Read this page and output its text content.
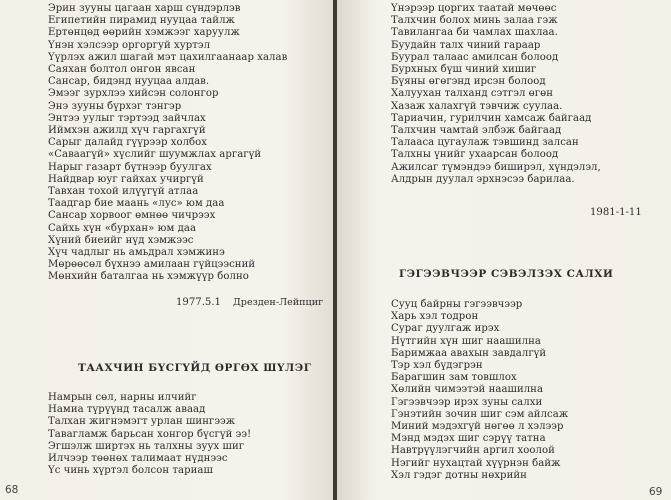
Эрин зууны цагаан харш сүндэрлэв
Египетийн пирамид нууцаа тайлж
Ертөнцөд өөрийн хэмжээг харуулж
Үнэн хэлсээр оргоргуй хуртэл
Үүрлэх ажил шагай мэт цахилгаанаар халав
Саяхан болтол онгон явсан
Сансар, бидэнд нууцаа алдав.
Эмээг зурхлээ хийсэн солонгор
Энэ зууны бүрхэг тэнгэр
Энтээ уулыг тэртээд зайчлах
Иймхэн ажилд хүч гаргахгүй
Сарыг далайд гүүрээр холбох
«Саваагүй» хүслийг шуумжлах аргагүй
Нарыг газарт бүтнээр буулгах
Найдвар юуг гайхах учиргүй
Тавхан тохой илүүгүй атлаа
Таадгар бие маань «лус» юм даа
Сансар хорвоог өмнөө чичрээх
Сайхь хүн «бурхан» юм даа
Хүний биеийг нүд хэмжээс
Хүч чадлыг нь амьдрал хэмжинэ
Мөрөөсөл бүхнээ амилаан гүйцээсний
Мөнхийн баталгаа нь хэмжүүр болно
1977.5.1 Дрезден-Лейпциг
ТААХЧИН БҮСГҮЙД ӨРГӨХ ШҮЛЭГ
Намрын сөл, нарны илчийг
Намиа түрүүнд тасалж аваад
Талхан жигнэмэгт урлан шингээж
Тавагламж барьсан хонгор бүсгүй ээ!
Эгшэлж ширтэх нь талхны зуух шиг
Илчээр төөнөх талимаат нүднээс
Үс чинь хүртэл болсон тариаш
68
Үнэрээр цоргих таатай мөчөөс
Талхчин болох минь залаа гэж
Тавилангаа би чамлах шахлаа.
Буудайн талх чиний гараар
Буурал талаас амилсан болоод
Бурхных бүш чиний хишиг
Бүяны өгөгэнд ирсэн болоод
Халуухан талханд сэтгэл өгөн
Хазаж халахгүй тэвчиж суулаа.
Тариачин, гурилчин хамсаж байгаад
Талхчин чамтай элбэж байгаад
Талааса цугаулаж тэвшинд залсан
Талхны үнийг ухаарсан болоод
Ажилсаг түмэндээ биширэл, хүндэлэл,
Алдрын дуулал эрхнэсээ барилаа.
1981-1-11
ГЭГЭЭВЧЭЭР СЭВЭЛЗЭХ САЛХИ
Сууц байрны гэгээвчээр
Харь хэл тодрон
Сураг дуулгаж ирэх
Нүтгийн хүн шиг наашилна
Баримжаа авахын завдалгүй
Тэр хэл бүдэгрэн
Барагшин зам товшлох
Хөлийн чимээтэй наашилна
Гэгээвчээр ирэх зуны салхи
Гэнэтийн зочин шиг сэм айлсаж
Миний мэдэхгүй нөгөө л хэлээр
Мэнд мэдэх шиг сэрүү татна
Навтрүүлэгчийн аргил хоолой
Нэгийг нухацтай хүүрнэн байж
Хэл гэдэг дотны нөхрийн
69
